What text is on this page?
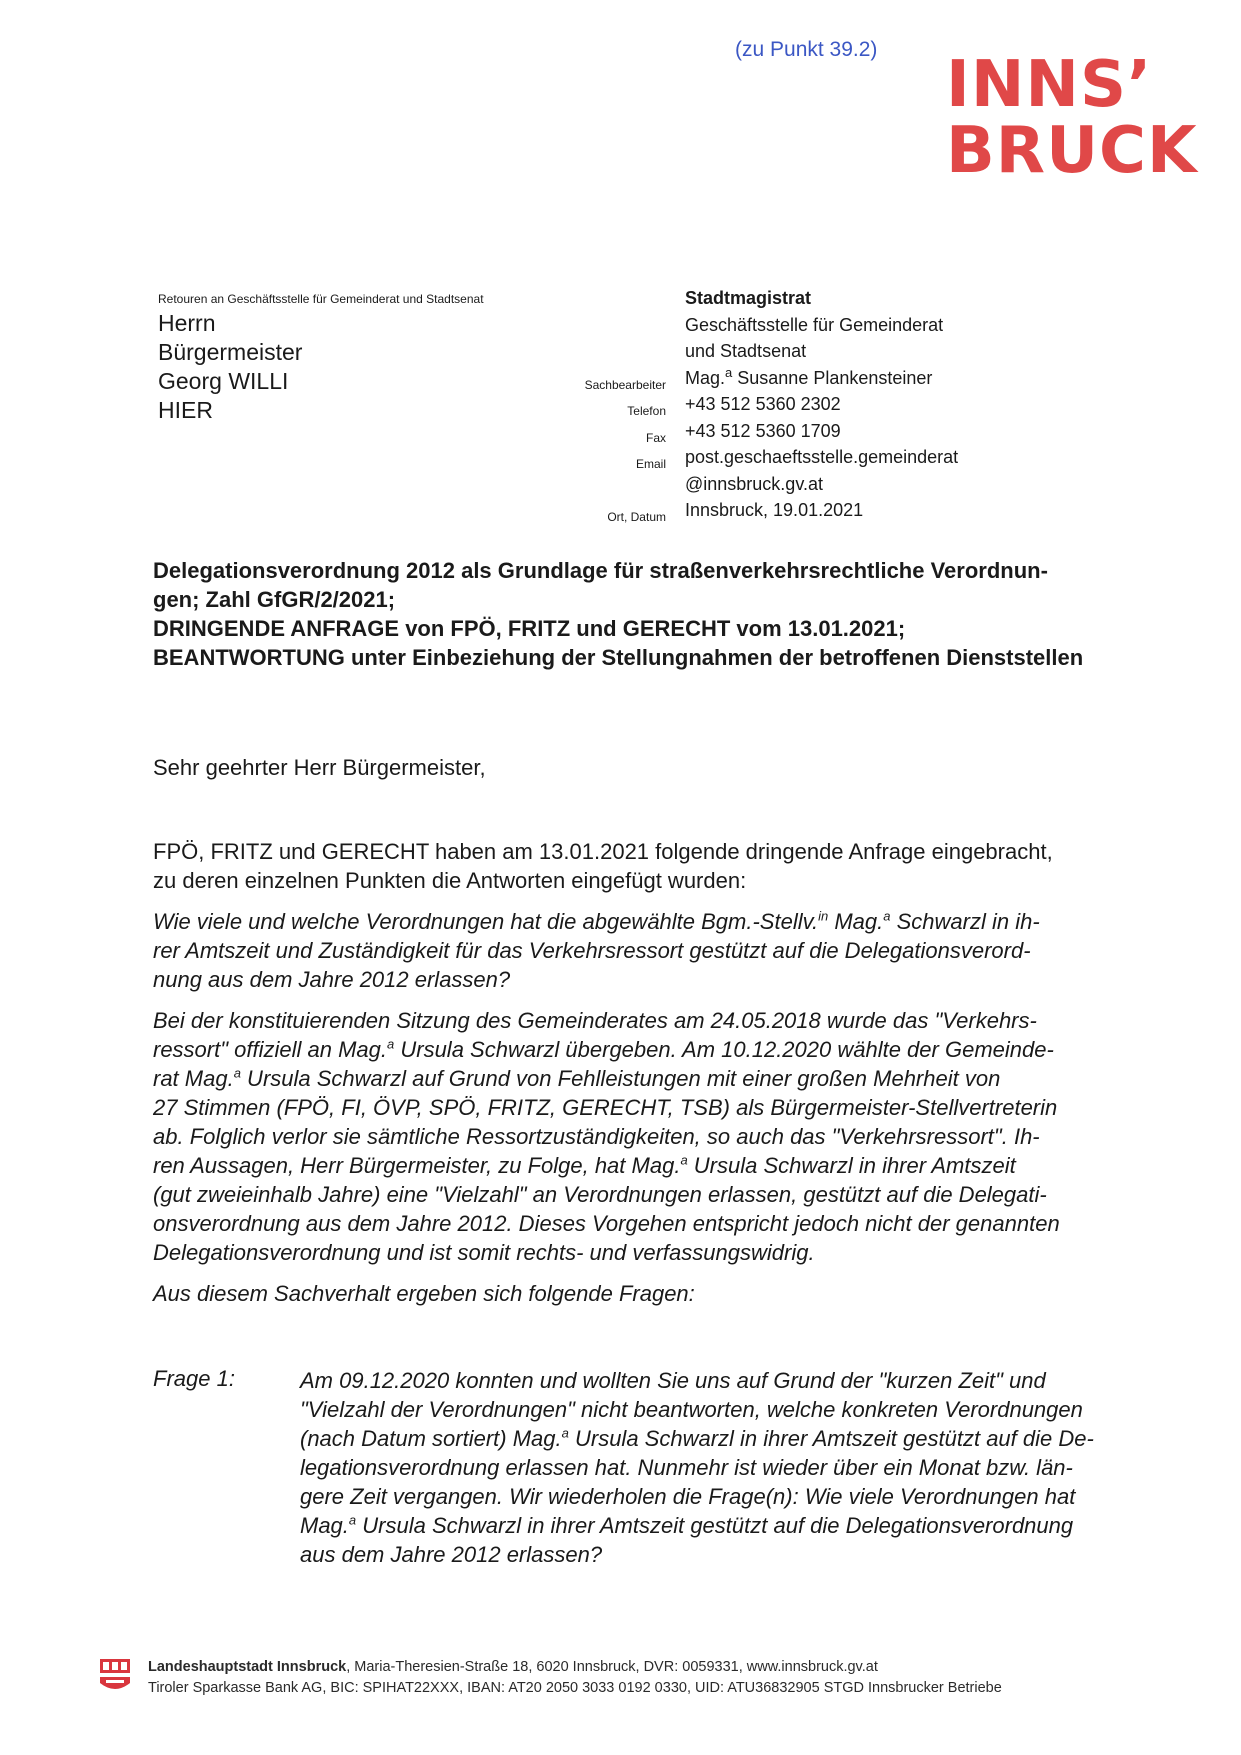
(zu Punkt 39.2) INNS’
BRUCK
Retouren an Geschäftsstelle für Gemeinderat und Stadtsenat
Herrn
Bürgermeister
Georg WILLI
HIER
Sachbearbeiter
Telefon
Fax
Email
Ort, Datum
Stadtmagistrat
Geschäftsstelle für Gemeinderat
und Stadtsenat
Mag.$^a$ Susanne Plankensteiner
+43 512 5360 2302
+43 512 5360 1709
post.geschaeftsstelle.gemeinderat
@innsbruck.gv.at
Innsbruck, 19.01.2021
Delegationsverordnung 2012 als Grundlage für straßenverkehrsrechtliche Verordnun-
gen; Zahl GfGR/2/2021;
DRINGENDE ANFRAGE von FPÖ, FRITZ und GERECHT vom 13.01.2021;
BEANTWORTUNG unter Einbeziehung der Stellungnahmen der betroffenen Dienststellen
Sehr geehrter Herr Bürgermeister,
FPÖ, FRITZ und GERECHT haben am 13.01.2021 folgende dringende Anfrage eingebracht,
zu deren einzelnen Punkten die Antworten eingefügt wurden:
Wie viele und welche Verordnungen hat die abgewählte Bgm.-Stellv.$^{in}$ Mag.$^a$ Schwarzl in ih-
rer Amtszeit und Zuständigkeit für das Verkehrsressort gestützt auf die Delegationsverord-
nung aus dem Jahre 2012 erlassen?
Bei der konstituierenden Sitzung des Gemeinderates am 24.05.2018 wurde das "Verkehrs-
ressort" offiziell an Mag.$^a$ Ursula Schwarzl übergeben. Am 10.12.2020 wählte der Gemeinde-
rat Mag.$^a$ Ursula Schwarzl auf Grund von Fehlleistungen mit einer großen Mehrheit von
27 Stimmen (FPÖ, FI, ÖVP, SPÖ, FRITZ, GERECHT, TSB) als Bürgermeister-Stellvertreterin
ab. Folglich verlor sie sämtliche Ressortzuständigkeiten, so auch das "Verkehrsressort". Ih-
ren Aussagen, Herr Bürgermeister, zu Folge, hat Mag.$^a$ Ursula Schwarzl in ihrer Amtszeit
(gut zweieinhalb Jahre) eine "Vielzahl" an Verordnungen erlassen, gestützt auf die Delegati-
onsverordnung aus dem Jahre 2012. Dieses Vorgehen entspricht jedoch nicht der genannten
Delegationsverordnung und ist somit rechts- und verfassungswidrig.
Aus diesem Sachverhalt ergeben sich folgende Fragen:
Frage 1:	Am 09.12.2020 konnten und wollten Sie uns auf Grund der "kurzen Zeit" und
"Vielzahl der Verordnungen" nicht beantworten, welche konkreten Verordnungen
(nach Datum sortiert) Mag.$^a$ Ursula Schwarzl in ihrer Amtszeit gestützt auf die De-
legationsverordnung erlassen hat. Nunmehr ist wieder über ein Monat bzw. län-
gere Zeit vergangen. Wir wiederholen die Frage(n): Wie viele Verordnungen hat
Mag.$^a$ Ursula Schwarzl in ihrer Amtszeit gestützt auf die Delegationsverordnung
aus dem Jahre 2012 erlassen?
Landeshauptstadt Innsbruck, Maria-Theresien-Straße 18, 6020 Innsbruck, DVR: 0059331, www.innsbruck.gv.at
Tiroler Sparkasse Bank AG, BIC: SPIHAT22XXX, IBAN: AT20 2050 3033 0192 0330, UID: ATU36832905 STGD Innsbrucker Betriebe
